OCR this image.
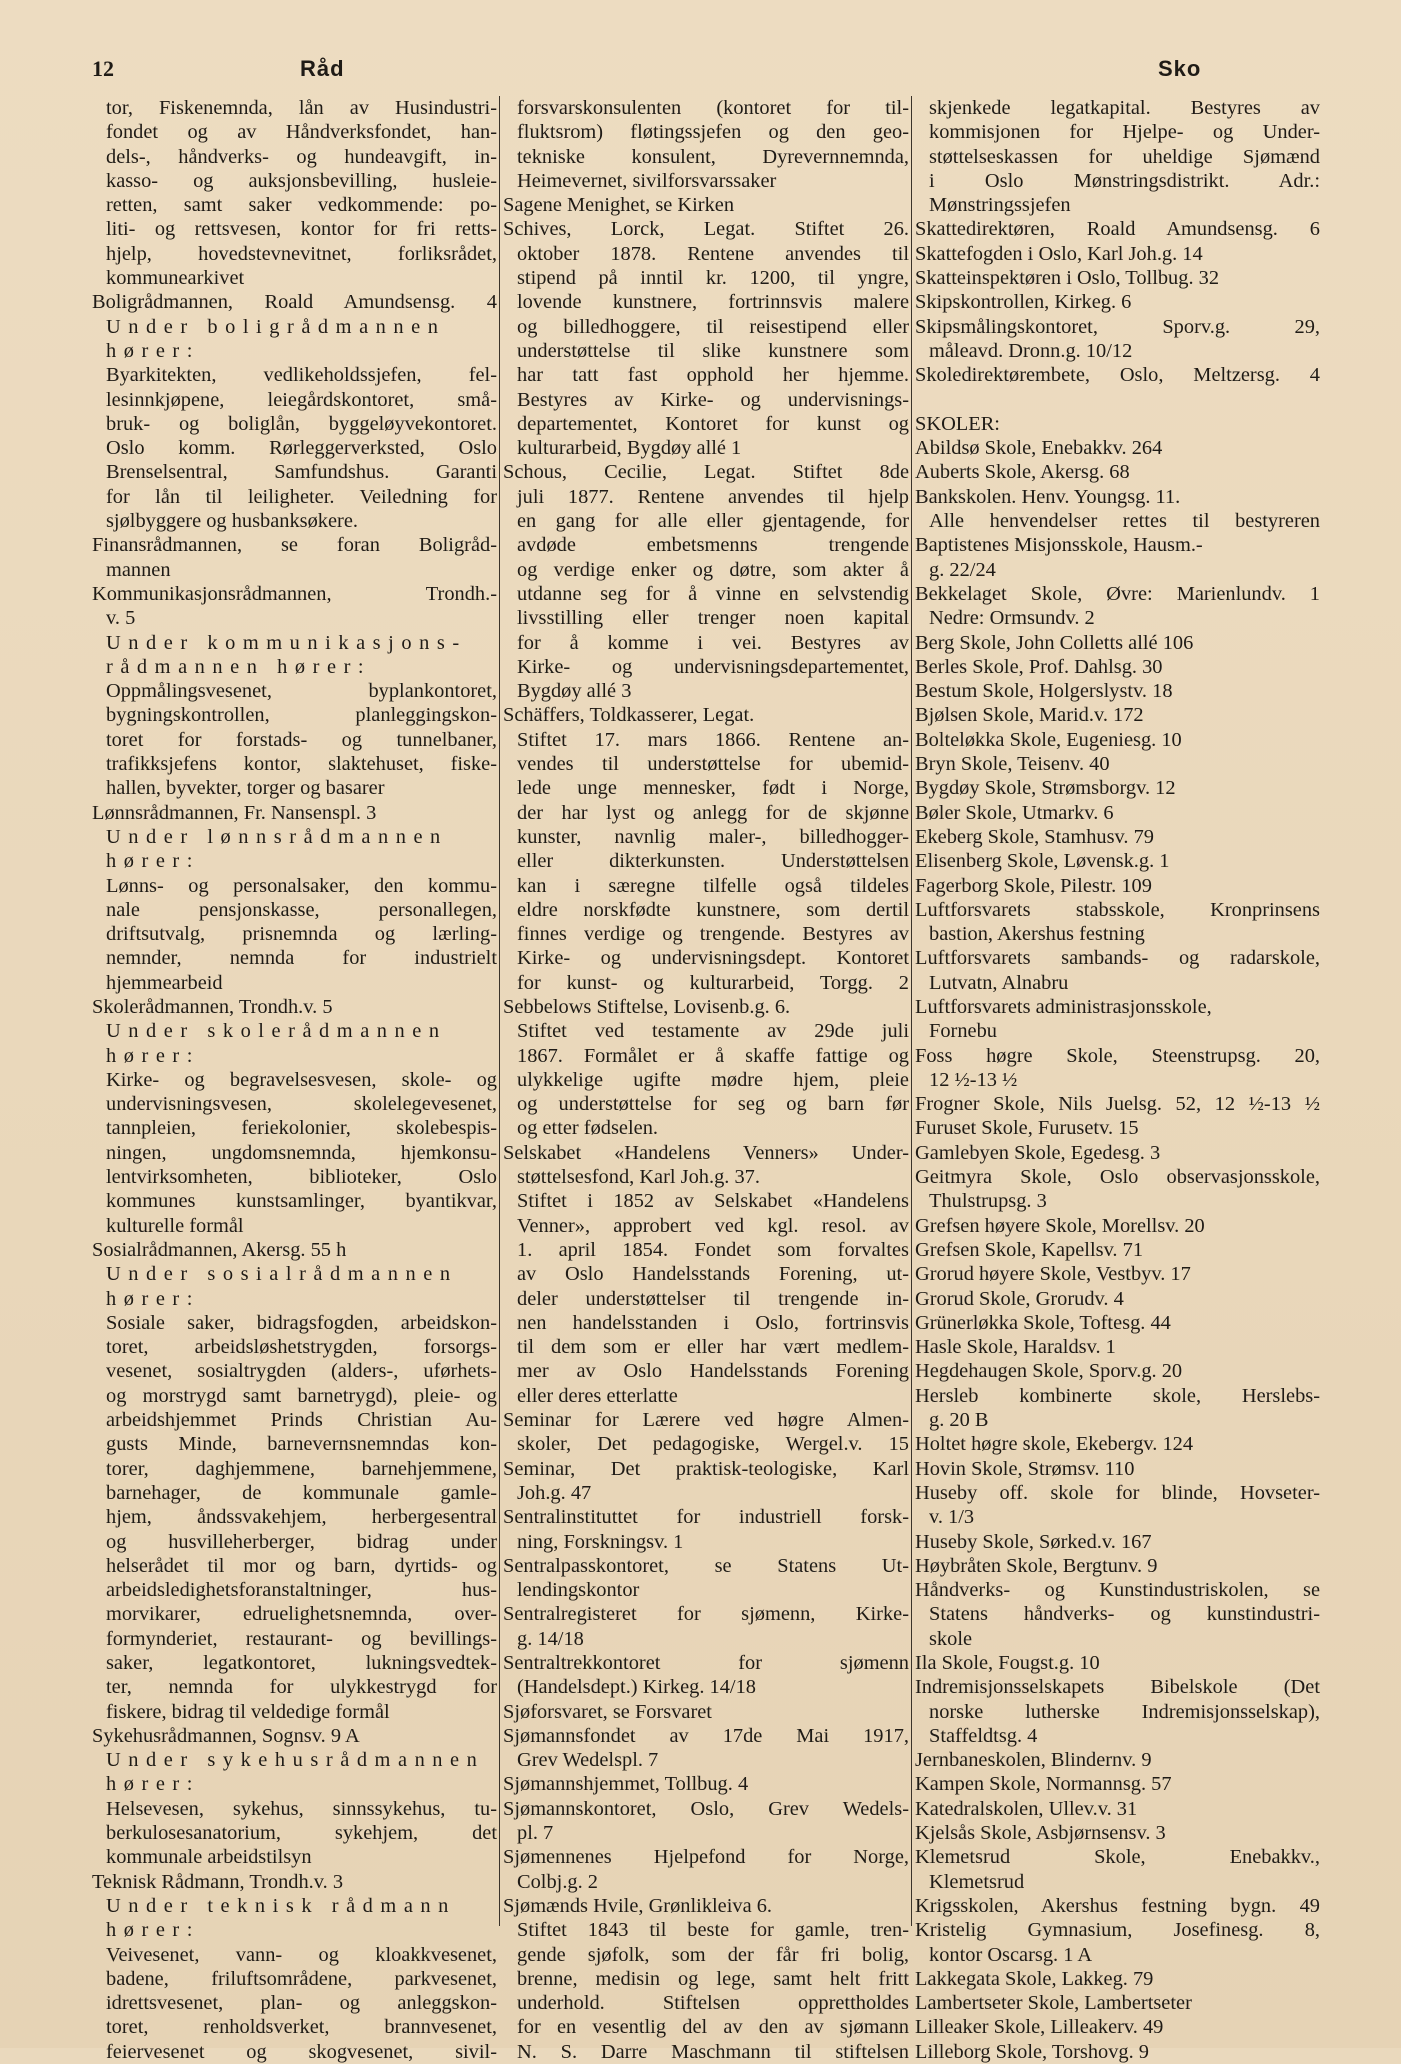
12	Råd	Sko
tor, Fiskenemnda, lån av Husindustri-
fondet og av Håndverksfondet, han-
dels-, håndverks- og hundeavgift, in-
kasso- og auksjonsbevilling, husleie-
retten, samt saker vedkommende: po-
liti- og rettsvesen, kontor for fri retts-
hjelp, hovedstevnevitnet, forliksrådet,
kommunearkivet
Boligrådmannen, Roald Amundsensg. 4
Under boligrådmannen
hører:
Byarkitekten, vedlikeholdssjefen, fel-
lesinnkjøpene, leiegårdskontoret, små-
bruk- og boliglån, byggeløyvekontoret.
Oslo komm. Rørleggerverksted, Oslo
Brenselsentral, Samfundshus. Garanti
for lån til leiligheter. Veiledning for
sjølbyggere og husbanksøkere.
Finansrådmannen, se foran Boligråd-
mannen
Kommunikasjonsrådmannen, Trondh.-
v. 5
Under kommunikasjons-
rådmannen hører:
Oppmålingsvesenet, byplankontoret,
bygningskontrollen, planleggingskon-
toret for forstads- og tunnelbaner,
trafikksjefens kontor, slaktehuset, fiske-
hallen, byvekter, torger og basarer
Lønnsrådmannen, Fr. Nansenspl. 3
Under lønnsrådmannen
hører:
Lønns- og personalsaker, den kommu-
nale pensjonskasse, personallegen,
driftsutvalg, prisnemnda og lærling-
nemnder, nemnda for industrielt
hjemmearbeid
Skolerådmannen, Trondh.v. 5
Under skolerådmannen
hører:
Kirke- og begravelsesvesen, skole- og
undervisningsvesen, skolelegevesenet,
tannpleien, feriekolonier, skolebespis-
ningen, ungdomsnemnda, hjemkonsu-
lentvirksomheten, biblioteker, Oslo
kommunes kunstsamlinger, byantikvar,
kulturelle formål
Sosialrådmannen, Akersg. 55 h
Under sosialrådmannen
hører:
Sosiale saker, bidragsfogden, arbeidskon-
toret, arbeidsløshetstrygden, forsorgs-
vesenet, sosialtrygden (alders-, uførhets-
og morstrygd samt barnetrygd), pleie- og
arbeidshjemmet Prinds Christian Au-
gusts Minde, barnevernsnemndas kon-
torer, daghjemmene, barnehjemmene,
barnehager, de kommunale gamle-
hjem, åndssvakehjem, herbergesentral
og husvilleherberger, bidrag under
helserådet til mor og barn, dyrtids- og
arbeidsledighetsforanstaltninger, hus-
morvikarer, edruelighetsnemnda, over-
formynderiet, restaurant- og bevillings-
saker, legatkontoret, lukningsvedtek-
ter, nemnda for ulykkestrygd for
fiskere, bidrag til veldedige formål
Sykehusrådmannen, Sognsv. 9 A
Under sykehusrådmannen
hører:
Helsevesen, sykehus, sinnssykehus, tu-
berkulosesanatorium, sykehjem, det
kommunale arbeidstilsyn
Teknisk Rådmann, Trondh.v. 3
Under teknisk rådmann
hører:
Veivesenet, vann- og kloakkvesenet,
badene, friluftsområdene, parkvesenet,
idrettsvesenet, plan- og anleggskon-
toret, renholdsverket, brannvesenet,
feiervesenet og skogvesenet, sivil-
forsvarskonsulenten (kontoret for til-
fluktsrom) fløtingssjefen og den geo-
tekniske konsulent, Dyrevernnemnda,
Heimevernet, sivilforsvarssaker
Sagene Menighet, se Kirken
Schives, Lorck, Legat. Stiftet 26.
oktober 1878. Rentene anvendes til
stipend på inntil kr. 1200, til yngre,
lovende kunstnere, fortrinnsvis malere
og billedhoggere, til reisestipend eller
understøttelse til slike kunstnere som
har tatt fast opphold her hjemme.
Bestyres av Kirke- og undervisnings-
departementet, Kontoret for kunst og
kulturarbeid, Bygdøy allé 1
Schous, Cecilie, Legat. Stiftet 8de
juli 1877. Rentene anvendes til hjelp
en gang for alle eller gjentagende, for
avdøde embetsmenns trengende
og verdige enker og døtre, som akter å
utdanne seg for å vinne en selvstendig
livsstilling eller trenger noen kapital
for å komme i vei. Bestyres av
Kirke- og undervisningsdepartementet,
Bygdøy allé 3
Schäffers, Toldkasserer, Legat.
Stiftet 17. mars 1866. Rentene an-
vendes til understøttelse for ubemid-
lede unge mennesker, født i Norge,
der har lyst og anlegg for de skjønne
kunster, navnlig maler-, billedhogger-
eller dikterkunsten. Understøttelsen
kan i særegne tilfelle også tildeles
eldre norskfødte kunstnere, som dertil
finnes verdige og trengende. Bestyres av
Kirke- og undervisningsdept. Kontoret
for kunst- og kulturarbeid, Torgg. 2
Sebbelows Stiftelse, Lovisenb.g. 6.
Stiftet ved testamente av 29de juli
1867. Formålet er å skaffe fattige og
ulykkelige ugifte mødre hjem, pleie
og understøttelse for seg og barn før
og etter fødselen.
Selskabet «Handelens Venners» Under-
støttelsesfond, Karl Joh.g. 37.
Stiftet i 1852 av Selskabet «Handelens
Venner», approbert ved kgl. resol. av
1. april 1854. Fondet som forvaltes
av Oslo Handelsstands Forening, ut-
deler understøttelser til trengende in-
nen handelsstanden i Oslo, fortrinsvis
til dem som er eller har vært medlem-
mer av Oslo Handelsstands Forening
eller deres etterlatte
Seminar for Lærere ved høgre Almen-
skoler, Det pedagogiske, Wergel.v. 15
Seminar, Det praktisk-teologiske, Karl
Joh.g. 47
Sentralinstituttet for industriell forsk-
ning, Forskningsv. 1
Sentralpasskontoret, se Statens Ut-
lendingskontor
Sentralregisteret for sjømenn, Kirke-
g. 14/18
Sentraltrekkontoret for sjømenn
(Handelsdept.) Kirkeg. 14/18
Sjøforsvaret, se Forsvaret
Sjømannsfondet av 17de Mai 1917,
Grev Wedelspl. 7
Sjømannshjemmet, Tollbug. 4
Sjømannskontoret, Oslo, Grev Wedels-
pl. 7
Sjømennenes Hjelpefond for Norge,
Colbj.g. 2
Sjømænds Hvile, Grønlikleiva 6.
Stiftet 1843 til beste for gamle, tren-
gende sjøfolk, som der får fri bolig,
brenne, medisin og lege, samt helt fritt
underhold. Stiftelsen opprettholdes
for en vesentlig del av den av sjømann
N. S. Darre Maschmann til stiftelsen
skjenkede legatkapital. Bestyres av
kommisjonen for Hjelpe- og Under-
støttelseskassen for uheldige Sjømænd
i Oslo Mønstringsdistrikt. Adr.:
Mønstringssjefen
Skattedirektøren, Roald Amundsensg. 6
Skattefogden i Oslo, Karl Joh.g. 14
Skatteinspektøren i Oslo, Tollbug. 32
Skipskontrollen, Kirkeg. 6
Skipsmålingskontoret, Sporv.g. 29,
måleavd. Dronn.g. 10/12
Skoledirektørembete, Oslo, Meltzersg. 4
SKOLER:
Abildsø Skole, Enebakkv. 264
Auberts Skole, Akersg. 68
Bankskolen. Henv. Youngsg. 11.
Alle henvendelser rettes til bestyreren
Baptistenes Misjonsskole, Hausm.-
g. 22/24
Bekkelaget Skole, Øvre: Marienlundv. 1
Nedre: Ormsundv. 2
Berg Skole, John Colletts allé 106
Berles Skole, Prof. Dahlsg. 30
Bestum Skole, Holgerslystv. 18
Bjølsen Skole, Marid.v. 172
Bolteløkka Skole, Eugeniesg. 10
Bryn Skole, Teisenv. 40
Bygdøy Skole, Strømsborgv. 12
Bøler Skole, Utmarkv. 6
Ekeberg Skole, Stamhusv. 79
Elisenberg Skole, Løvensk.g. 1
Fagerborg Skole, Pilestr. 109
Luftforsvarets stabsskole, Kronprinsens
bastion, Akershus festning
Luftforsvarets sambands- og radarskole,
Lutvatn, Alnabru
Luftforsvarets administrasjonsskole,
Fornebu
Foss høgre Skole, Steenstrupsg. 20,
12 ½-13 ½
Frogner Skole, Nils Juelsg. 52, 12 ½-13 ½
Furuset Skole, Furusetv. 15
Gamlebyen Skole, Egedesg. 3
Geitmyra Skole, Oslo observasjonsskole,
Thulstrupsg. 3
Grefsen høyere Skole, Morellsv. 20
Grefsen Skole, Kapellsv. 71
Grorud høyere Skole, Vestbyv. 17
Grorud Skole, Grorudv. 4
Grünerløkka Skole, Toftesg. 44
Hasle Skole, Haraldsv. 1
Hegdehaugen Skole, Sporv.g. 20
Hersleb kombinerte skole, Herslebs-
g. 20 B
Holtet høgre skole, Ekebergv. 124
Hovin Skole, Strømsv. 110
Huseby off. skole for blinde, Hovseter-
v. 1/3
Huseby Skole, Sørked.v. 167
Høybråten Skole, Bergtunv. 9
Håndverks- og Kunstindustriskolen, se
Statens håndverks- og kunstindustri-
skole
Ila Skole, Fougst.g. 10
Indremisjonsselskapets Bibelskole (Det
norske lutherske Indremisjonsselskap),
Staffeldtsg. 4
Jernbaneskolen, Blindernv. 9
Kampen Skole, Normannsg. 57
Katedralskolen, Ullev.v. 31
Kjelsås Skole, Asbjørnsensv. 3
Klemetsrud Skole, Enebakkv.,
Klemetsrud
Krigsskolen, Akershus festning bygn. 49
Kristelig Gymnasium, Josefinesg. 8,
kontor Oscarsg. 1 A
Lakkegata Skole, Lakkeg. 79
Lambertseter Skole, Lambertseter
Lilleaker Skole, Lilleakerv. 49
Lilleborg Skole, Torshovg. 9
